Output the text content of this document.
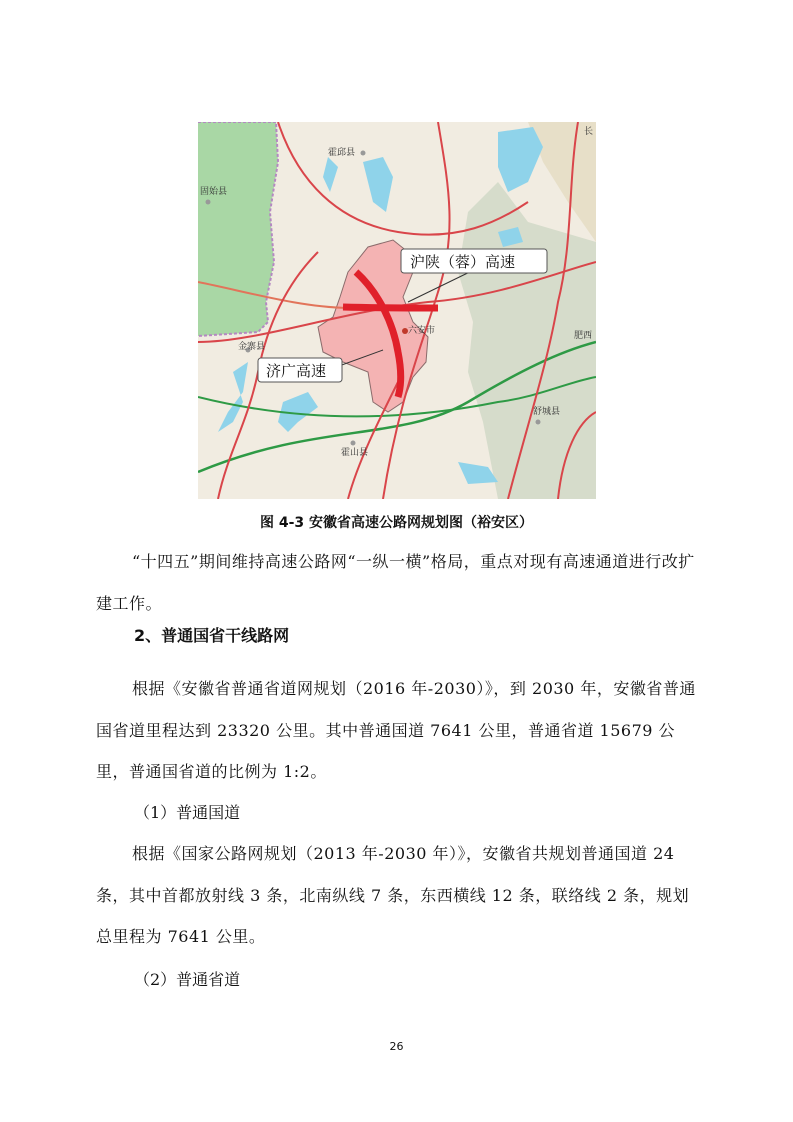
霍邱县
固始县
金寨县
霍山县
六安市	肥西
舒城县
长
沪陕（蓉）高速
济广高速
图 4-3 安徽省高速公路网规划图（裕安区）
“十四五”期间维持高速公路网“一纵一横”格局，重点对现有高速通道进行改扩建工作。
2、普通国省干线路网
根据《安徽省普通省道网规划（2016 年-2030）》，到 2030 年，安徽省普通国省道里程达到 23320 公里。其中普通国道 7641 公里，普通省道 15679 公里，普通国省道的比例为 1:2。
（1）普通国道
根据《国家公路网规划（2013 年-2030 年）》，安徽省共规划普通国道 24 条，其中首都放射线 3 条，北南纵线 7 条，东西横线 12 条，联络线 2 条，规划总里程为 7641 公里。
（2）普通省道
26
